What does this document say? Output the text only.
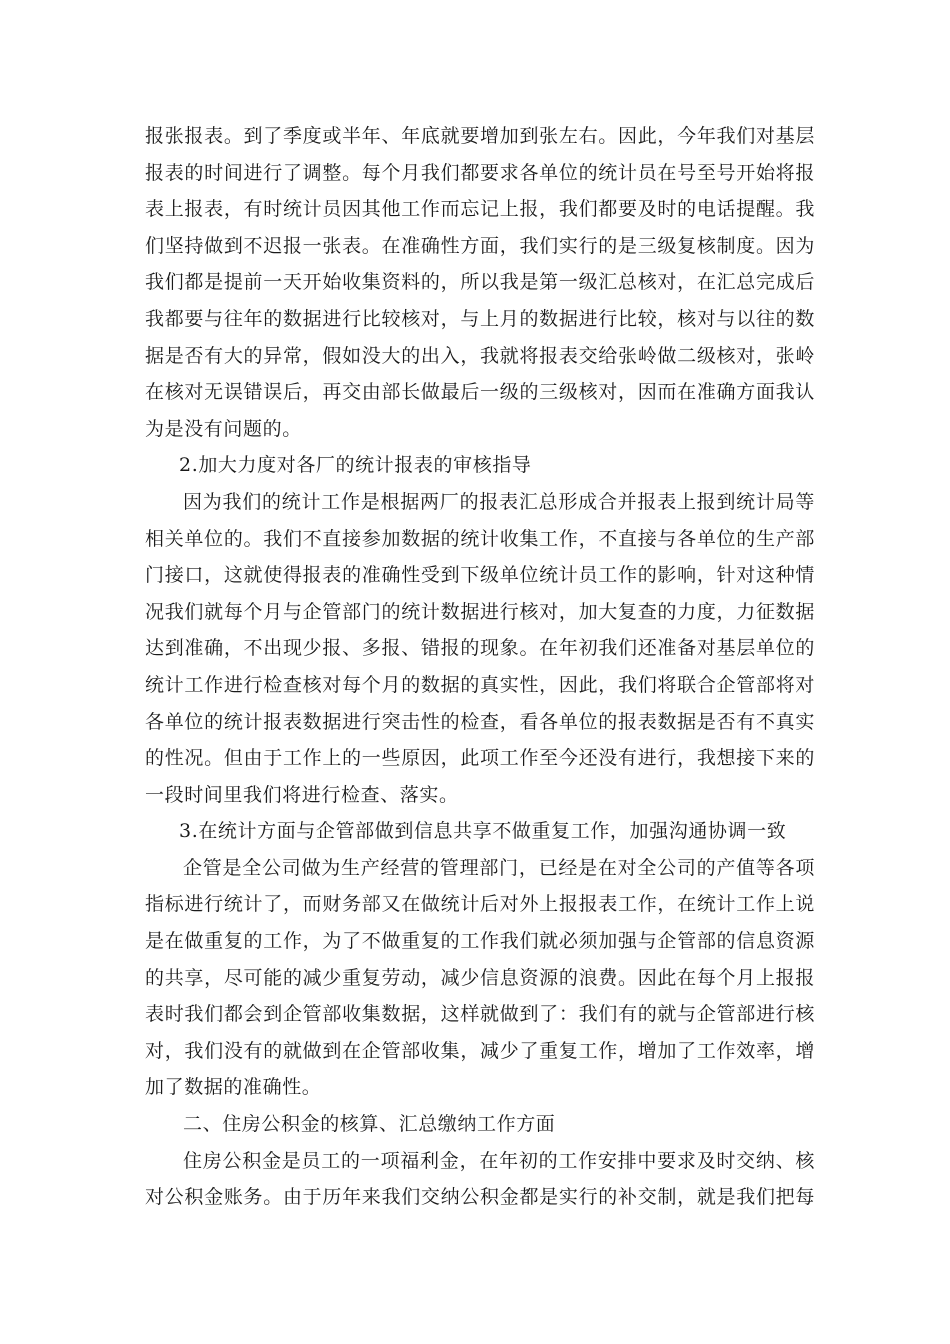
报张报表。到了季度或半年、年底就要增加到张左右。因此，今年我们对基层
报表的时间进行了调整。每个月我们都要求各单位的统计员在号至号开始将报
表上报表，有时统计员因其他工作而忘记上报，我们都要及时的电话提醒。我
们坚持做到不迟报一张表。在准确性方面，我们实行的是三级复核制度。因为
我们都是提前一天开始收集资料的，所以我是第一级汇总核对，在汇总完成后
我都要与往年的数据进行比较核对，与上月的数据进行比较，核对与以往的数
据是否有大的异常，假如没大的出入，我就将报表交给张岭做二级核对，张岭
在核对无误错误后，再交由部长做最后一级的三级核对，因而在准确方面我认
为是没有问题的。
2.加大力度对各厂的统计报表的审核指导
因为我们的统计工作是根据两厂的报表汇总形成合并报表上报到统计局等
相关单位的。我们不直接参加数据的统计收集工作，不直接与各单位的生产部
门接口，这就使得报表的准确性受到下级单位统计员工作的影响，针对这种情
况我们就每个月与企管部门的统计数据进行核对，加大复查的力度，力征数据
达到准确，不出现少报、多报、错报的现象。在年初我们还准备对基层单位的
统计工作进行检查核对每个月的数据的真实性，因此，我们将联合企管部将对
各单位的统计报表数据进行突击性的检查，看各单位的报表数据是否有不真实
的性况。但由于工作上的一些原因，此项工作至今还没有进行，我想接下来的
一段时间里我们将进行检查、落实。
3.在统计方面与企管部做到信息共享不做重复工作，加强沟通协调一致
企管是全公司做为生产经营的管理部门，已经是在对全公司的产值等各项
指标进行统计了，而财务部又在做统计后对外上报报表工作，在统计工作上说
是在做重复的工作，为了不做重复的工作我们就必须加强与企管部的信息资源
的共享，尽可能的减少重复劳动，减少信息资源的浪费。因此在每个月上报报
表时我们都会到企管部收集数据，这样就做到了：我们有的就与企管部进行核
对，我们没有的就做到在企管部收集，减少了重复工作，增加了工作效率，增
加了数据的准确性。
二、住房公积金的核算、汇总缴纳工作方面
住房公积金是员工的一项福利金，在年初的工作安排中要求及时交纳、核
对公积金账务。由于历年来我们交纳公积金都是实行的补交制，就是我们把每
